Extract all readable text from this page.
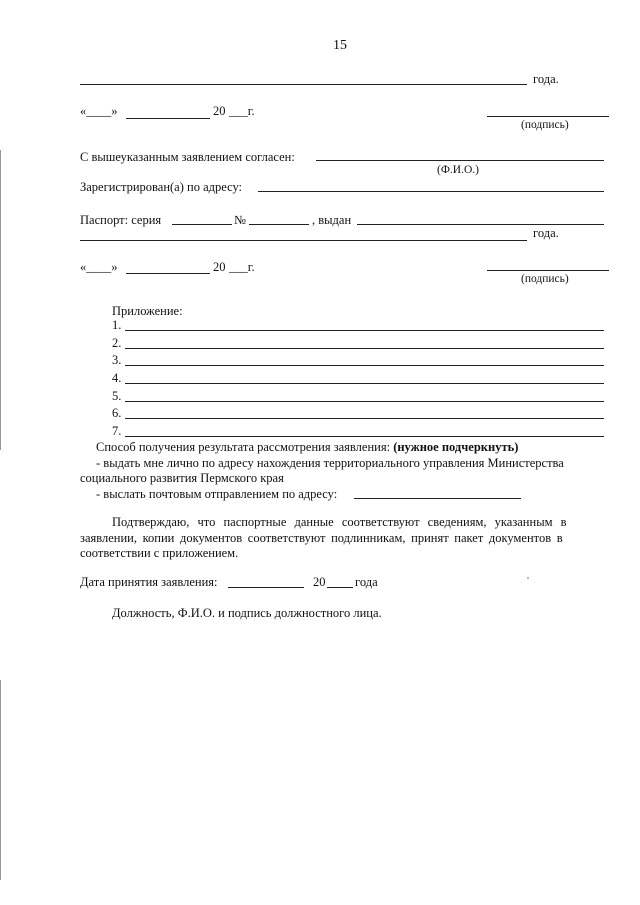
15
года.
«____»	20 ___г.
(подпись)
С вышеуказанным заявлением согласен:
(Ф.И.О.)
Зарегистрирован(а) по адресу:
Паспорт: серия	№	, выдан
года.
«____»	20 ___г.
(подпись)
Приложение:
1.
2.
3.
4.
5.
6.
7.
Способ получения результата рассмотрения заявления: (нужное подчеркнуть)
- выдать мне лично по адресу нахождения территориального управления Министерства
социального развития Пермского края
- выслать почтовым отправлением по адресу:
Подтверждаю, что паспортные данные соответствуют сведениям, указанным в
заявлении, копии документов соответствуют подлинникам, принят пакет документов в
соответствии с приложением.
Дата принятия заявления:	20 года
Должность, Ф.И.О. и подпись должностного лица.
